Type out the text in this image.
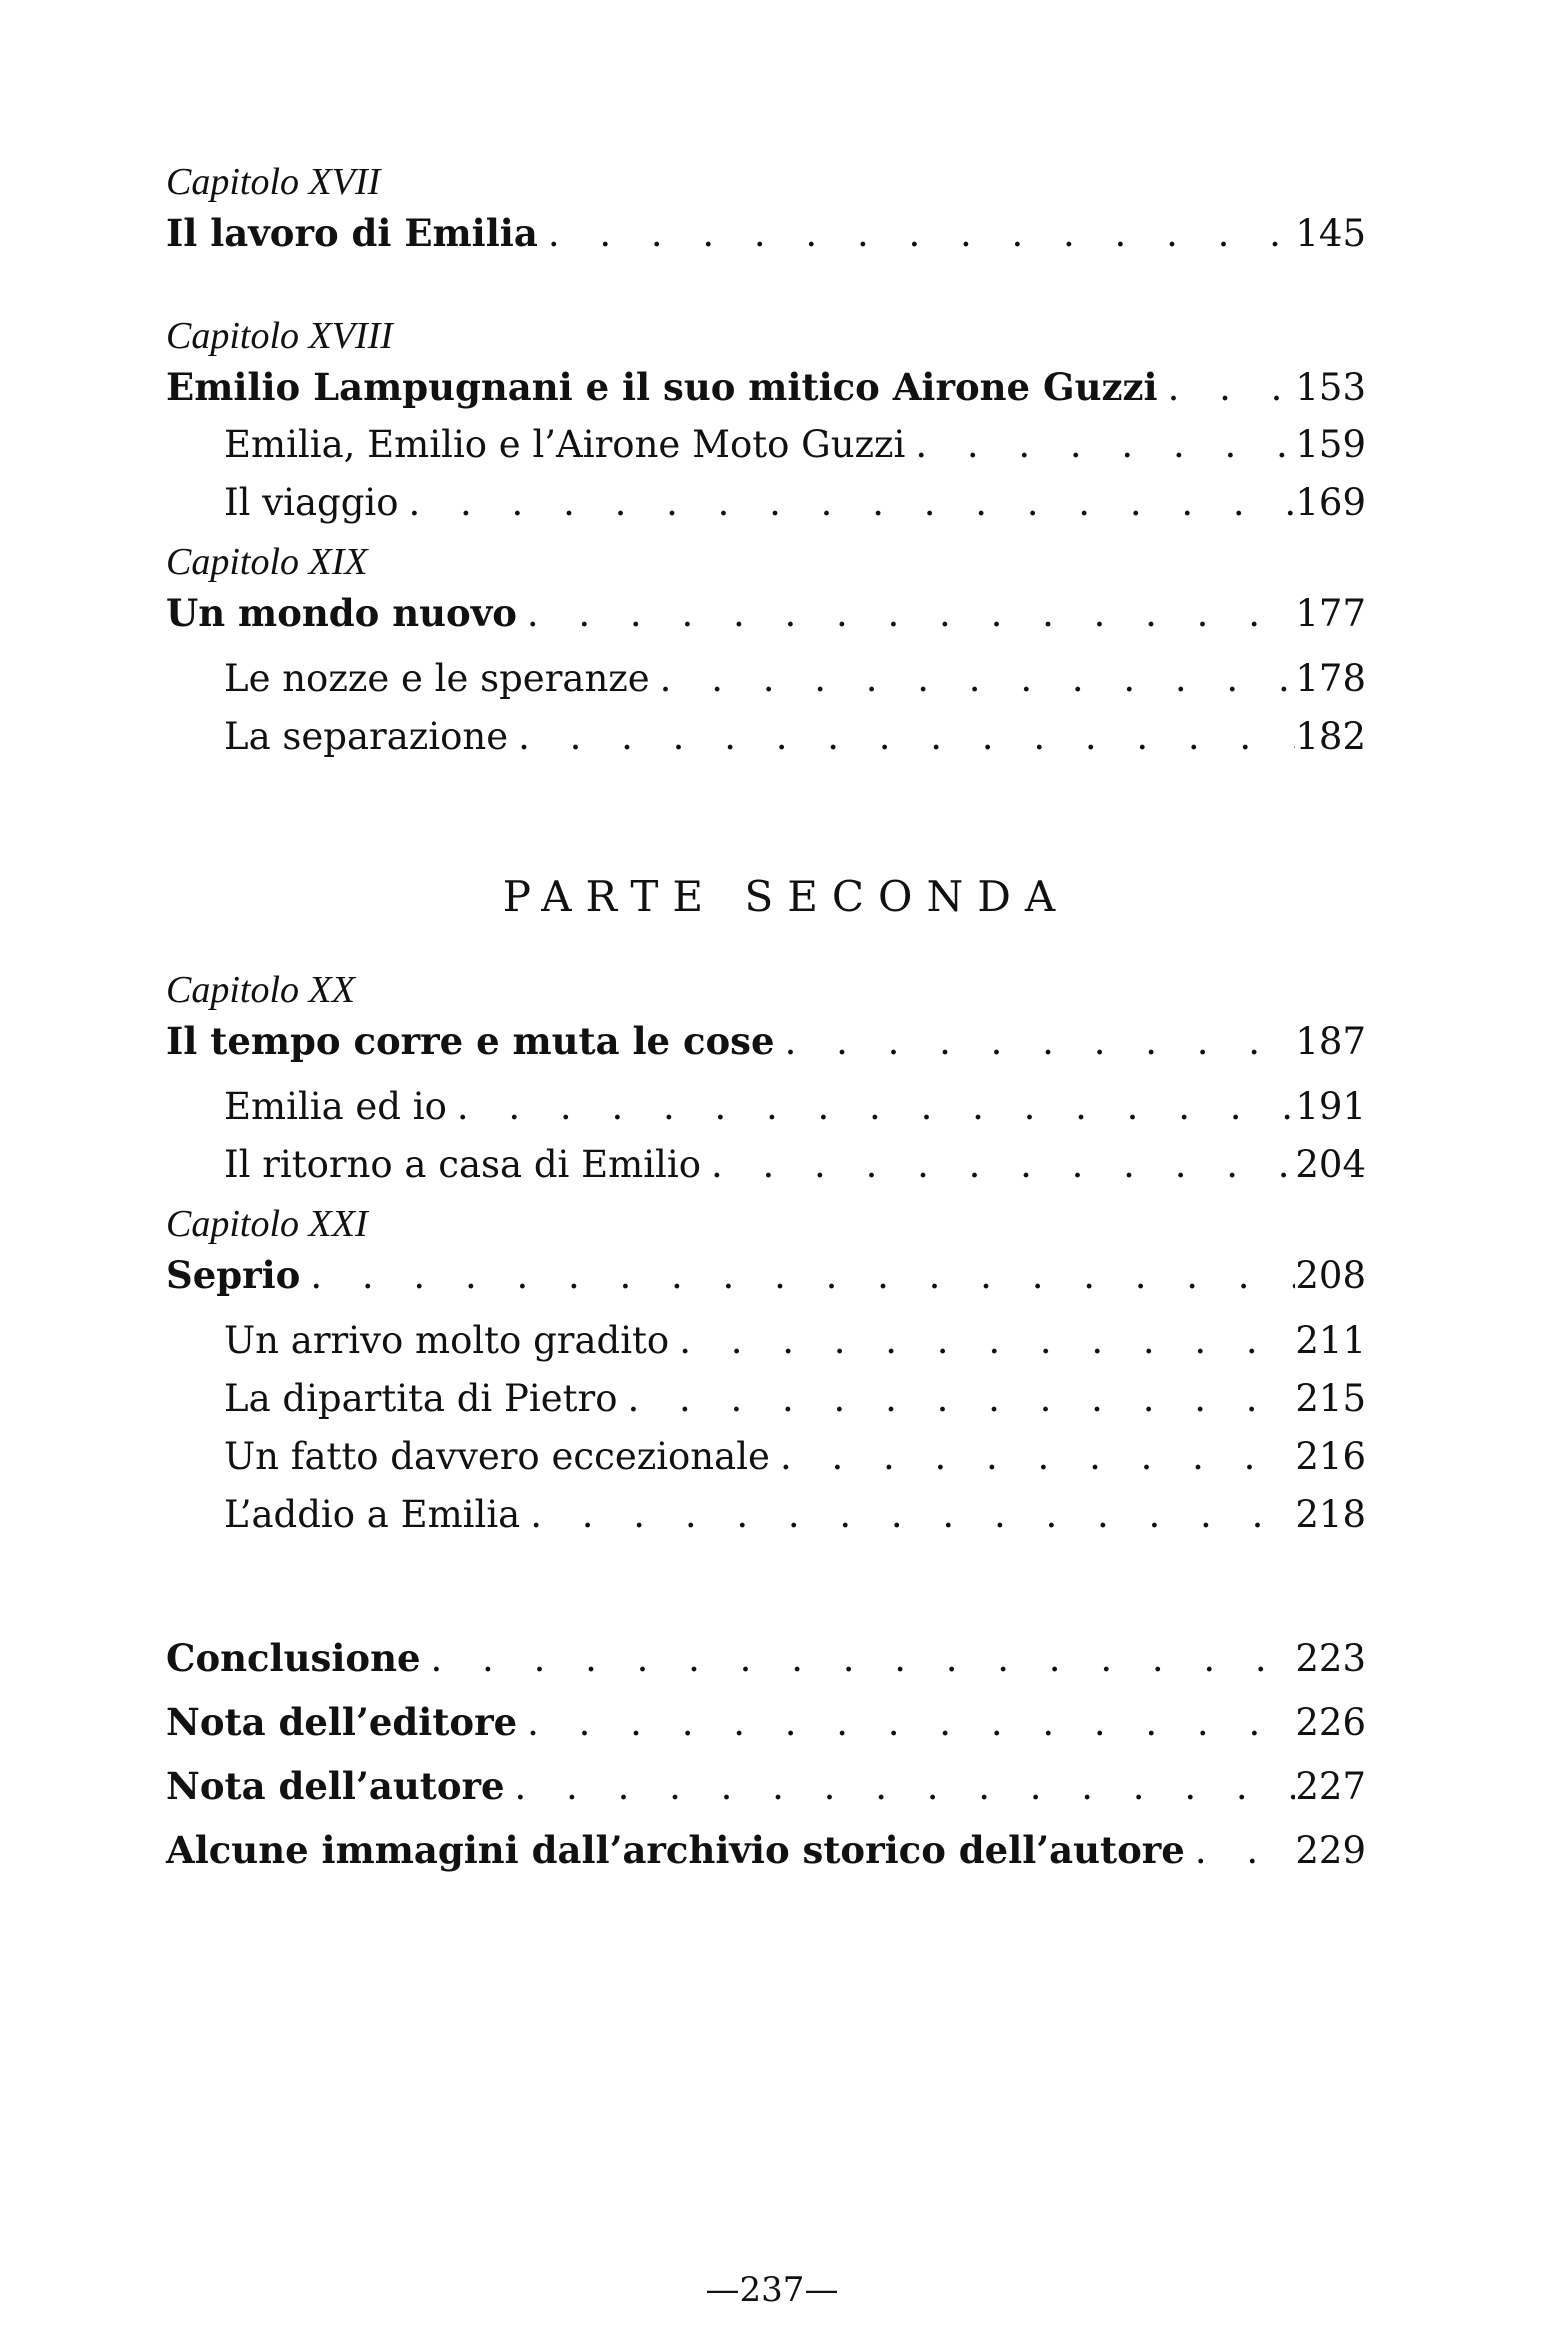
Capitolo XVII
Il lavoro di Emilia . . .	145
Capitolo XVIII
Emilio Lampugnani e il suo mitico Airone Guzzi . . .	153
Emilia, Emilio e l’Airone Moto Guzzi . . .	159
Il viaggio . . .	169
Capitolo XIX
Un mondo nuovo . . .	177
Le nozze e le speranze . . .	178
La separazione . . .	182
PARTE SECONDA
Capitolo XX
Il tempo corre e muta le cose . . .	187
Emilia ed io . . .	191
Il ritorno a casa di Emilio . . .	204
Capitolo XXI
Seprio . . .	208
Un arrivo molto gradito . . .	211
La dipartita di Pietro . . .	215
Un fatto davvero eccezionale . . .	216
L’addio a Emilia . . .	218
Conclusione . . .	223
Nota dell’editore . . .	226
Nota dell’autore . . .	227
Alcune immagini dall’archivio storico dell’autore . . .	229
—237—
